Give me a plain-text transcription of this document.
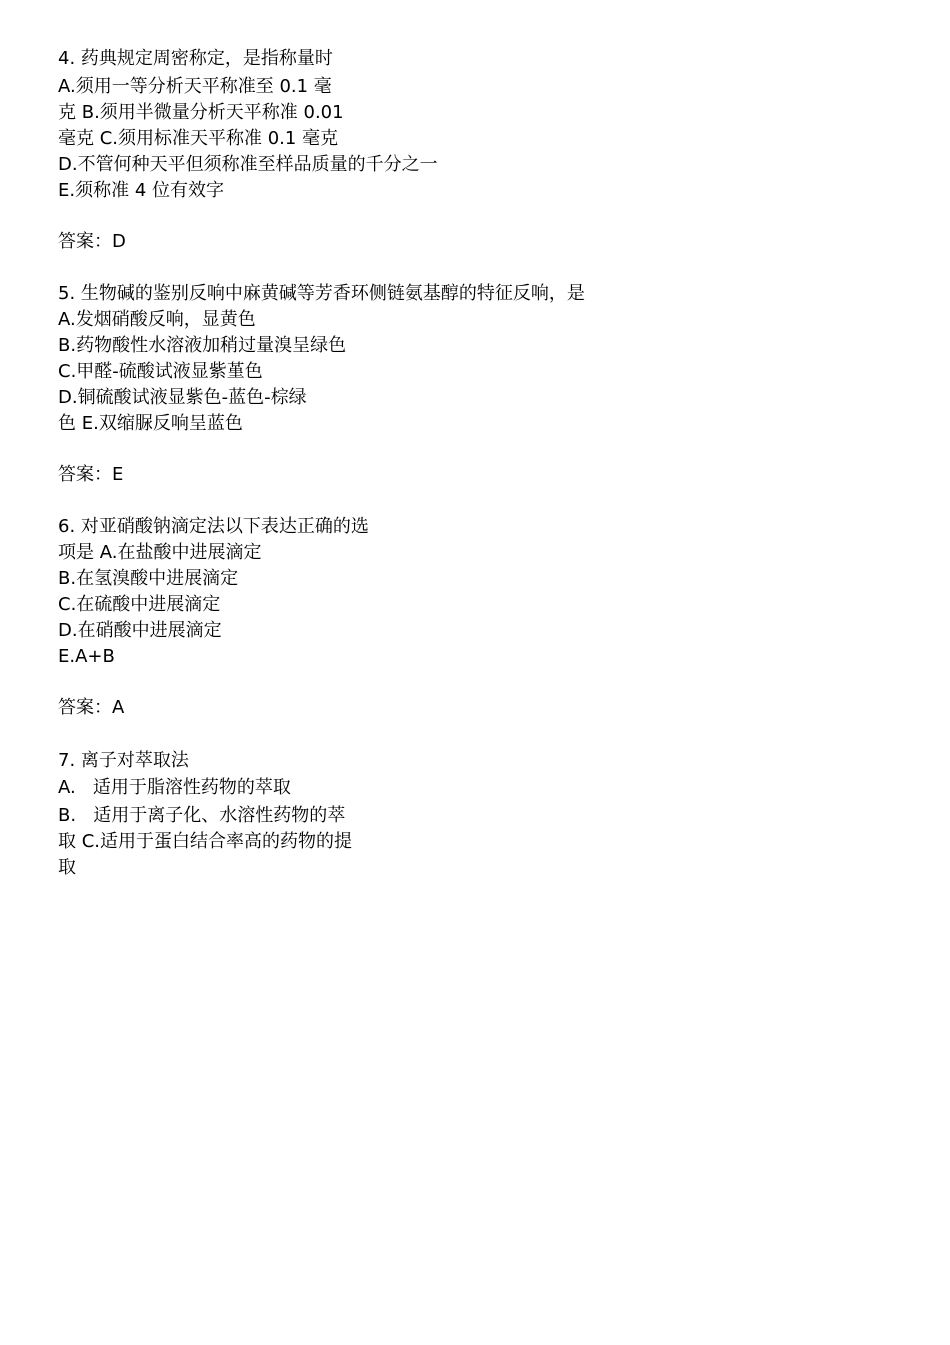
4. 药典规定周密称定，是指称量时
A.须用一等分析天平称准至 0.1 毫
克 B.须用半微量分析天平称准 0.01
毫克 C.须用标准天平称准 0.1 毫克
D.不管何种天平但须称准至样品质量的千分之一
E.须称准 4 位有效字
答案：D
5. 生物碱的鉴别反响中麻黄碱等芳香环侧链氨基醇的特征反响，是
A.发烟硝酸反响，显黄色
B.药物酸性水溶液加稍过量溴呈绿色
C.甲醛-硫酸试液显紫堇色
D.铜硫酸试液显紫色-蓝色-棕绿
色 E.双缩脲反响呈蓝色
答案：E
6. 对亚硝酸钠滴定法以下表达正确的选
项是 A.在盐酸中进展滴定
B.在氢溴酸中进展滴定
C.在硫酸中进展滴定
D.在硝酸中进展滴定
E.A+B
答案：A
7. 离子对萃取法
A.   适用于脂溶性药物的萃取
B.   适用于离子化、水溶性药物的萃
取 C.适用于蛋白结合率高的药物的提
取
